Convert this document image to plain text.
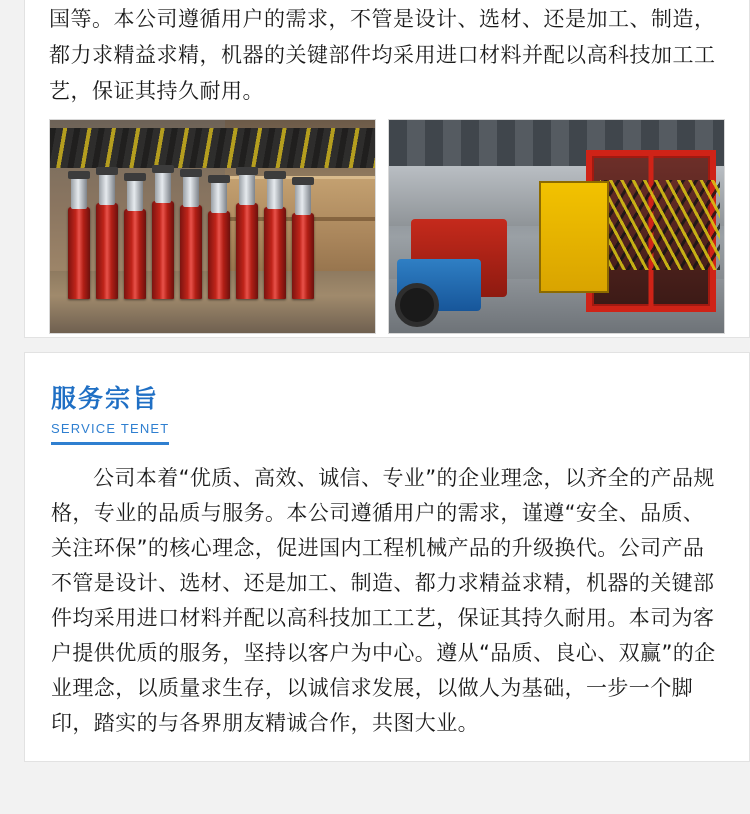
国等。本公司遵循用户的需求，不管是设计、选材、还是加工、制造，都力求精益求精，机器的关键部件均采用进口材料并配以高科技加工工艺，保证其持久耐用。
服务宗旨
SERVICE TENET
公司本着“优质、高效、诚信、专业”的企业理念，以齐全的产品规格，专业的品质与服务。本公司遵循用户的需求，谨遵“安全、品质、关注环保”的核心理念，促进国内工程机械产品的升级换代。公司产品不管是设计、选材、还是加工、制造、都力求精益求精，机器的关键部件均采用进口材料并配以高科技加工工艺，保证其持久耐用。本司为客户提供优质的服务，坚持以客户为中心。遵从“品质、良心、双赢”的企业理念，以质量求生存，以诚信求发展，以做人为基础，一步一个脚印，踏实的与各界朋友精诚合作，共图大业。
